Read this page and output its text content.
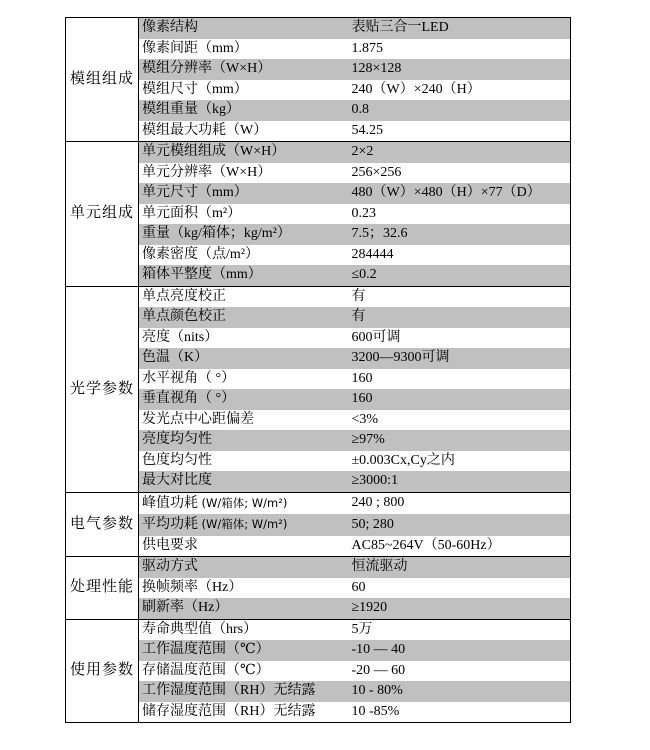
模组组成	像素结构	表贴三合一LED
	像素间距（mm）	1.875
	模组分辨率（W×H）	128×128
	模组尺寸（mm）	240（W）×240（H）
	模组重量（kg）	0.8
	模组最大功耗（W）	54.25
单元组成	单元模组组成（W×H）	2×2
	单元分辨率（W×H）	256×256
	单元尺寸（mm）	480（W）×480（H）×77（D）
	单元面积（m²）	0.23
	重量（kg/箱体；kg/m²）	7.5；32.6
	像素密度（点/m²）	284444
	箱体平整度（mm）	≤0.2
光学参数	单点亮度校正	有
	单点颜色校正	有
	亮度（nits）	600可调
	色温（K）	3200—9300可调
	水平视角（ °）	160
	垂直视角（ °）	160
	发光点中心距偏差	<3%
	亮度均匀性	≥97%
	色度均匀性	±0.003Cx,Cy之内
	最大对比度	≥3000:1
电气参数	峰值功耗 (W/箱体; W/m²)	240 ; 800
	平均功耗 (W/箱体; W/m²)	50; 280
	供电要求	AC85~264V（50-60Hz）
处理性能	驱动方式	恒流驱动
	换帧频率（Hz）	60
	刷新率（Hz）	≥1920
使用参数	寿命典型值（hrs）	5万
	工作温度范围（℃）	-10 — 40
	存储温度范围（℃）	-20 — 60
	工作湿度范围（RH）无结露	10 - 80%
	储存湿度范围（RH）无结露	10 -85%
